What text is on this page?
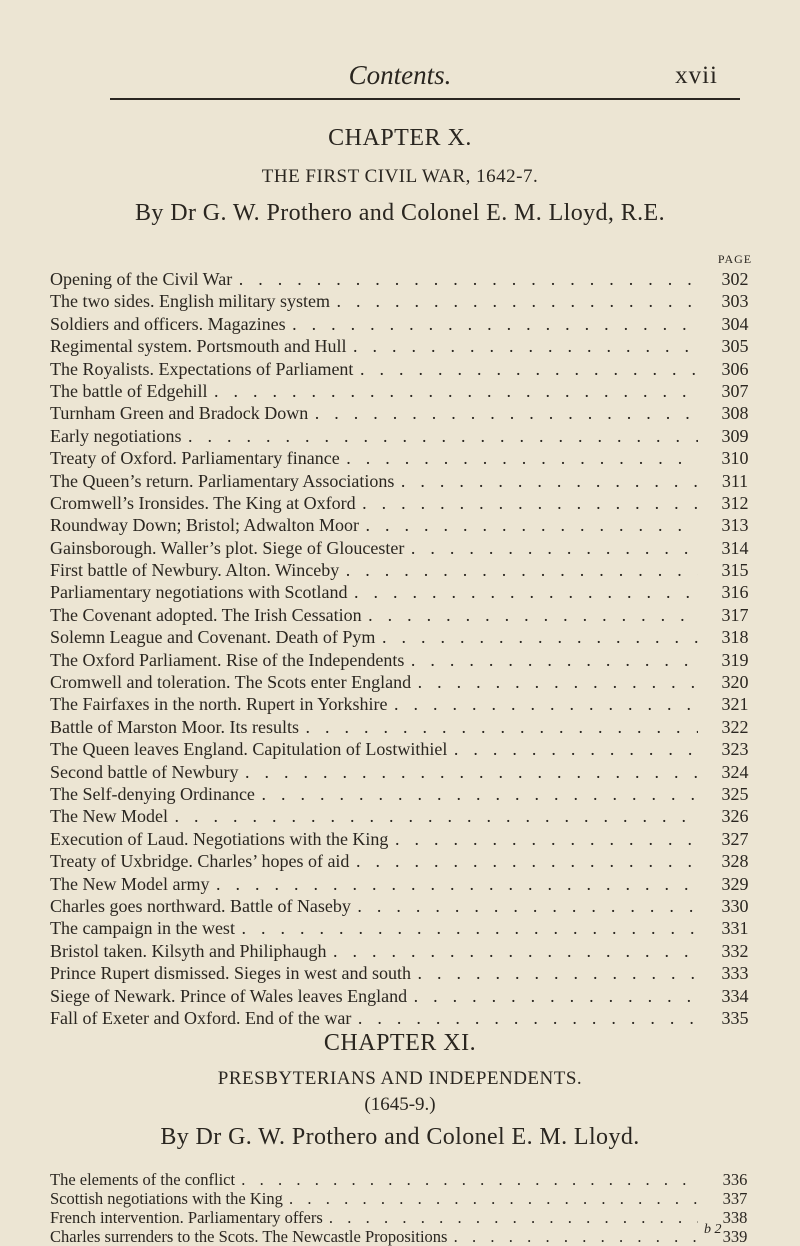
Contents.	xvii
CHAPTER X.
THE FIRST CIVIL WAR, 1642-7.
By Dr G. W. Prothero and Colonel E. M. Lloyd, R.E.
PAGE
Opening of the Civil War . .	302
The two sides. English military system . .	303
Soldiers and officers. Magazines . .	304
Regimental system. Portsmouth and Hull . .	305
The Royalists. Expectations of Parliament . .	306
The battle of Edgehill . .	307
Turnham Green and Bradock Down . .	308
Early negotiations . .	309
Treaty of Oxford. Parliamentary finance . .	310
The Queen’s return. Parliamentary Associations . .	311
Cromwell’s Ironsides. The King at Oxford . .	312
Roundway Down; Bristol; Adwalton Moor . .	313
Gainsborough. Waller’s plot. Siege of Gloucester . .	314
First battle of Newbury. Alton. Winceby . .	315
Parliamentary negotiations with Scotland . .	316
The Covenant adopted. The Irish Cessation . .	317
Solemn League and Covenant. Death of Pym . .	318
The Oxford Parliament. Rise of the Independents . .	319
Cromwell and toleration. The Scots enter England . .	320
The Fairfaxes in the north. Rupert in Yorkshire . .	321
Battle of Marston Moor. Its results . .	322
The Queen leaves England. Capitulation of Lostwithiel . .	323
Second battle of Newbury . .	324
The Self-denying Ordinance . .	325
The New Model . .	326
Execution of Laud. Negotiations with the King . .	327
Treaty of Uxbridge. Charles’ hopes of aid . .	328
The New Model army . .	329
Charles goes northward. Battle of Naseby . .	330
The campaign in the west . .	331
Bristol taken. Kilsyth and Philiphaugh . .	332
Prince Rupert dismissed. Sieges in west and south . .	333
Siege of Newark. Prince of Wales leaves England . .	334
Fall of Exeter and Oxford. End of the war . .	335
CHAPTER XI.
PRESBYTERIANS AND INDEPENDENTS.
(1645-9.)
By Dr G. W. Prothero and Colonel E. M. Lloyd.
The elements of the conflict . .	336
Scottish negotiations with the King . .	337
French intervention. Parliamentary offers . .	338
Charles surrenders to the Scots. The Newcastle Propositions . .	339
b 2
